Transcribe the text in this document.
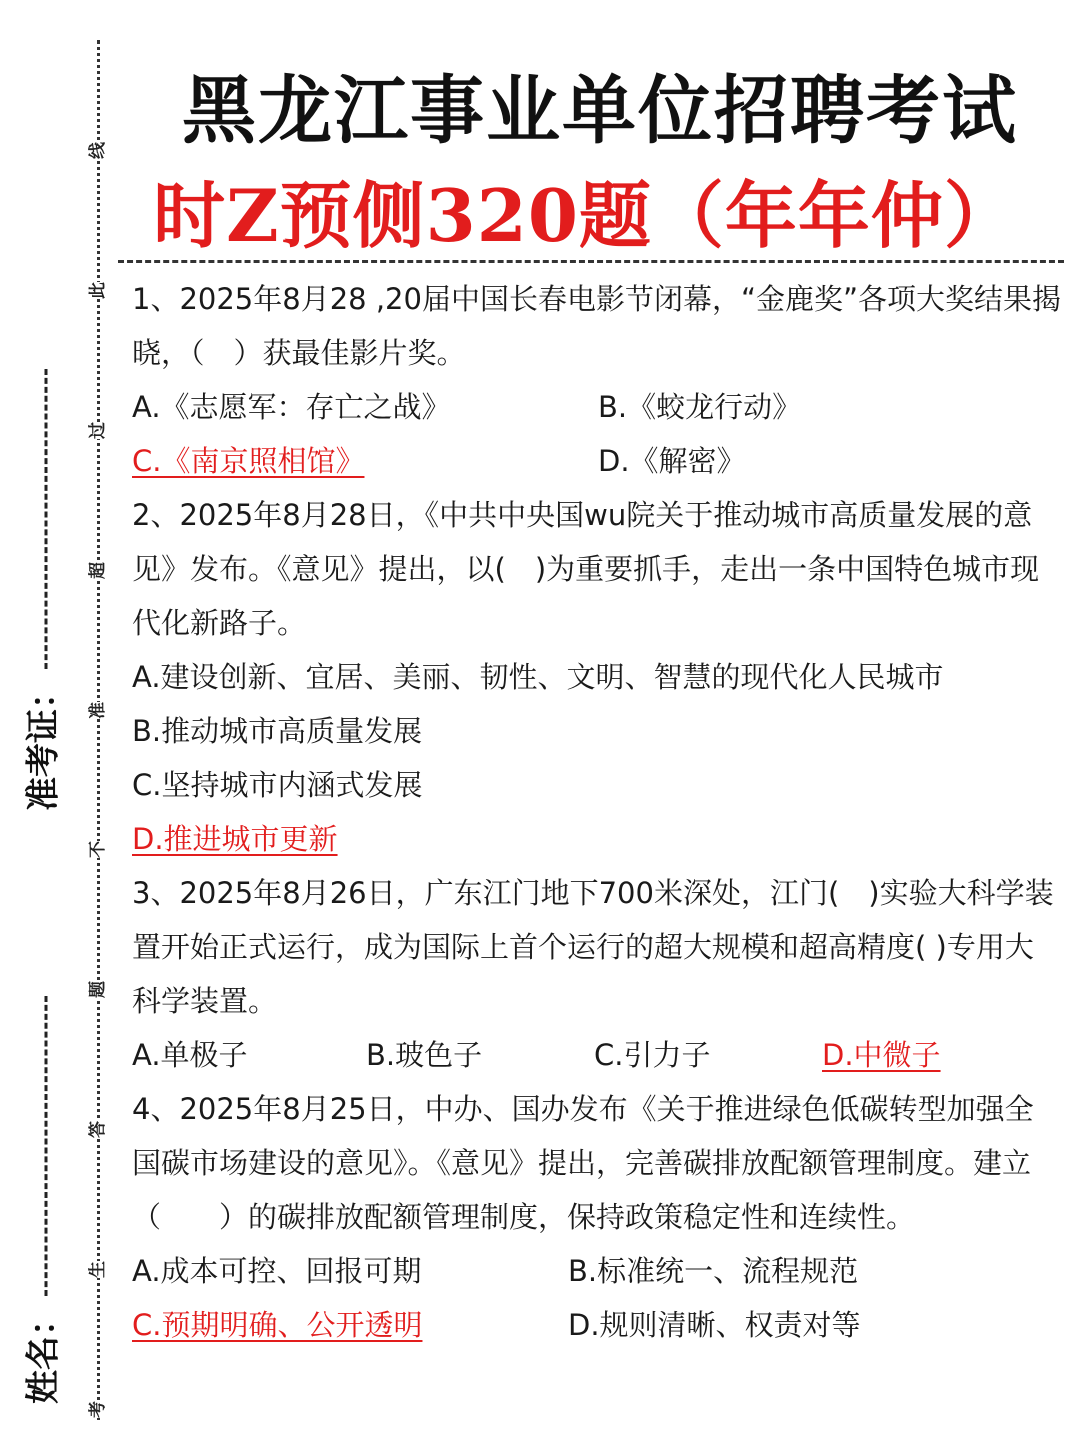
线
此
过
超
准
不
题
答
生
考
准考证：
姓名：
黑龙江事业单位招聘考试
时Z预侧320题（年年仲）

1、2025年8月28 ,20届中国长春电影节闭幕，“金鹿奖”各项大奖结果揭晓，（　）获最佳影片奖。

A.《志愿军：存亡之战》	B.《蛟龙行动》
C.《南京照相馆》	D.《解密》

2、2025年8月28日，《中共中央国wu院关于推动城市高质量发展的意见》发布。《意见》提出，以(　)为重要抓手，走出一条中国特色城市现代化新路子。

A.建设创新、宜居、美丽、韧性、文明、智慧的现代化人民城市
B.推动城市高质量发展
C.坚持城市内涵式发展
D.推进城市更新

3、2025年8月26日，广东江门地下700米深处，江门(　)实验大科学装置开始正式运行，成为国际上首个运行的超大规模和超高精度( )专用大科学装置。

A.单极子	B.玻色子	C.引力子	D.中微子

4、2025年8月25日，中办、国办发布《关于推进绿色低碳转型加强全国碳市场建设的意见》。《意见》提出，完善碳排放配额管理制度。建立（　　）的碳排放配额管理制度，保持政策稳定性和连续性。

A.成本可控、回报可期	B.标准统一、流程规范
C.预期明确、公开透明	D.规则清晰、权责对等
